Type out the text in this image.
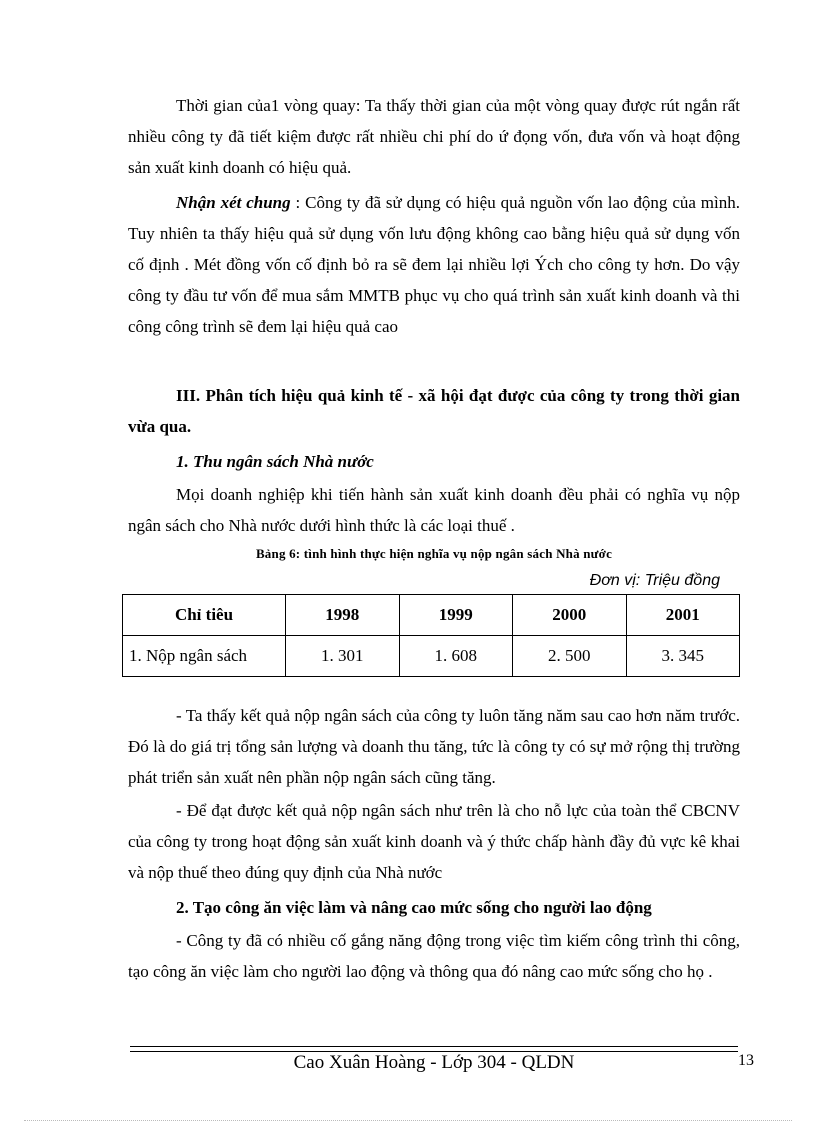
Thời gian của1 vòng quay: Ta thấy thời gian của một vòng quay được rút ngắn rất nhiều công ty đã tiết kiệm được rất nhiều chi phí do ứ đọng vốn, đưa vốn và hoạt động sản xuất kinh doanh có hiệu quả.

Nhận xét chung : Công ty đã sử dụng có hiệu quả nguồn vốn lao động của mình. Tuy nhiên ta thấy hiệu quả sử dụng vốn lưu động không cao bằng hiệu quả sử dụng vốn cố định . Mét đồng vốn cố định bỏ ra sẽ đem lại nhiều lợi Ých cho công ty hơn. Do vậy công ty đầu tư vốn để mua sắm MMTB phục vụ cho quá trình sản xuất kinh doanh và thi công công trình sẽ đem lại hiệu quả cao

III. Phân tích hiệu quả kinh tế - xã hội đạt được của công ty trong thời gian vừa qua.

1. Thu ngân sách Nhà nước

Mọi doanh nghiệp khi tiến hành sản xuất kinh doanh đều phải có nghĩa vụ nộp ngân sách cho Nhà nước dưới hình thức là các loại thuế .

Bảng 6: tình hình thực hiện nghĩa vụ nộp ngân sách Nhà nước
Đơn vị: Triệu đồng
Chỉ tiêu	1998	1999	2000	2001
1. Nộp ngân sách	1. 301	1. 608	2. 500	3. 345

- Ta thấy kết quả nộp ngân sách của công ty luôn tăng năm sau cao hơn năm trước. Đó là do giá trị tổng sản lượng và doanh thu tăng, tức là công ty có sự mở rộng thị trường phát triển sản xuất nên phần nộp ngân sách cũng tăng.

- Để đạt được kết quả nộp ngân sách như trên là cho nỗ lực của toàn thể CBCNV của công ty trong hoạt động sản xuất kinh doanh và ý thức chấp hành đầy đủ vực kê khai và nộp thuế theo đúng quy định của Nhà nước

2. Tạo công ăn việc làm và nâng cao mức sống cho người lao động

- Công ty đã có nhiều cố gắng năng động trong việc tìm kiếm công trình thi công, tạo công ăn việc làm cho người lao động và thông qua đó nâng cao mức sống cho họ .

Cao Xuân Hoàng - Lớp 304 - QLDN	13
